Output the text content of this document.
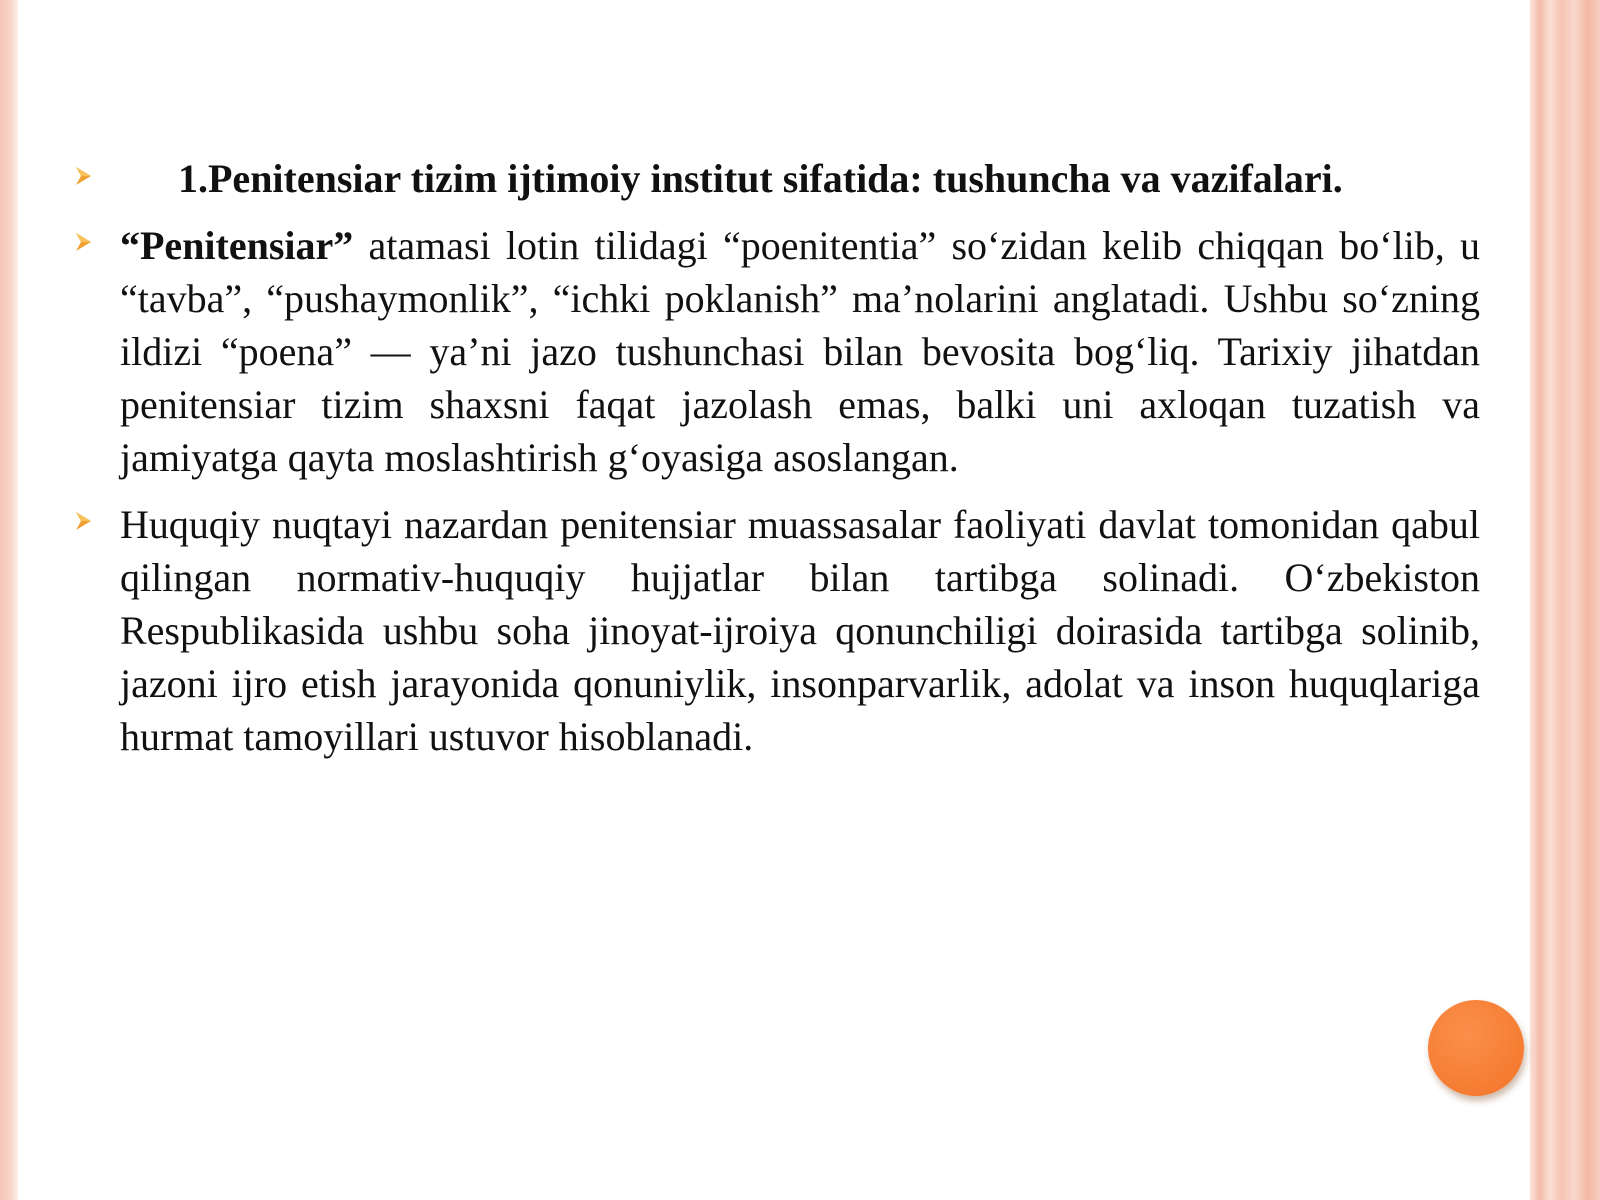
1.Penitensiar tizim ijtimoiy institut sifatida: tushuncha va vazifalari.
“Penitensiar” atamasi lotin tilidagi “poenitentia” so‘zidan kelib chiqqan bo‘lib, u “tavba”, “pushaymonlik”, “ichki poklanish” ma’nolarini anglatadi. Ushbu so‘zning ildizi “poena” — ya’ni jazo tushunchasi bilan bevosita bog‘liq. Tarixiy jihatdan penitensiar tizim shaxsni faqat jazolash emas, balki uni axloqan tuzatish va jamiyatga qayta moslashtirish g‘oyasiga asoslangan.
Huquqiy nuqtayi nazardan penitensiar muassasalar faoliyati davlat tomonidan qabul qilingan normativ-huquqiy hujjatlar bilan tartibga solinadi. O‘zbekiston Respublikasida ushbu soha jinoyat-ijroiya qonunchiligi doirasida tartibga solinib, jazoni ijro etish jarayonida qonuniylik, insonparvarlik, adolat va inson huquqlariga hurmat tamoyillari ustuvor hisoblanadi.
